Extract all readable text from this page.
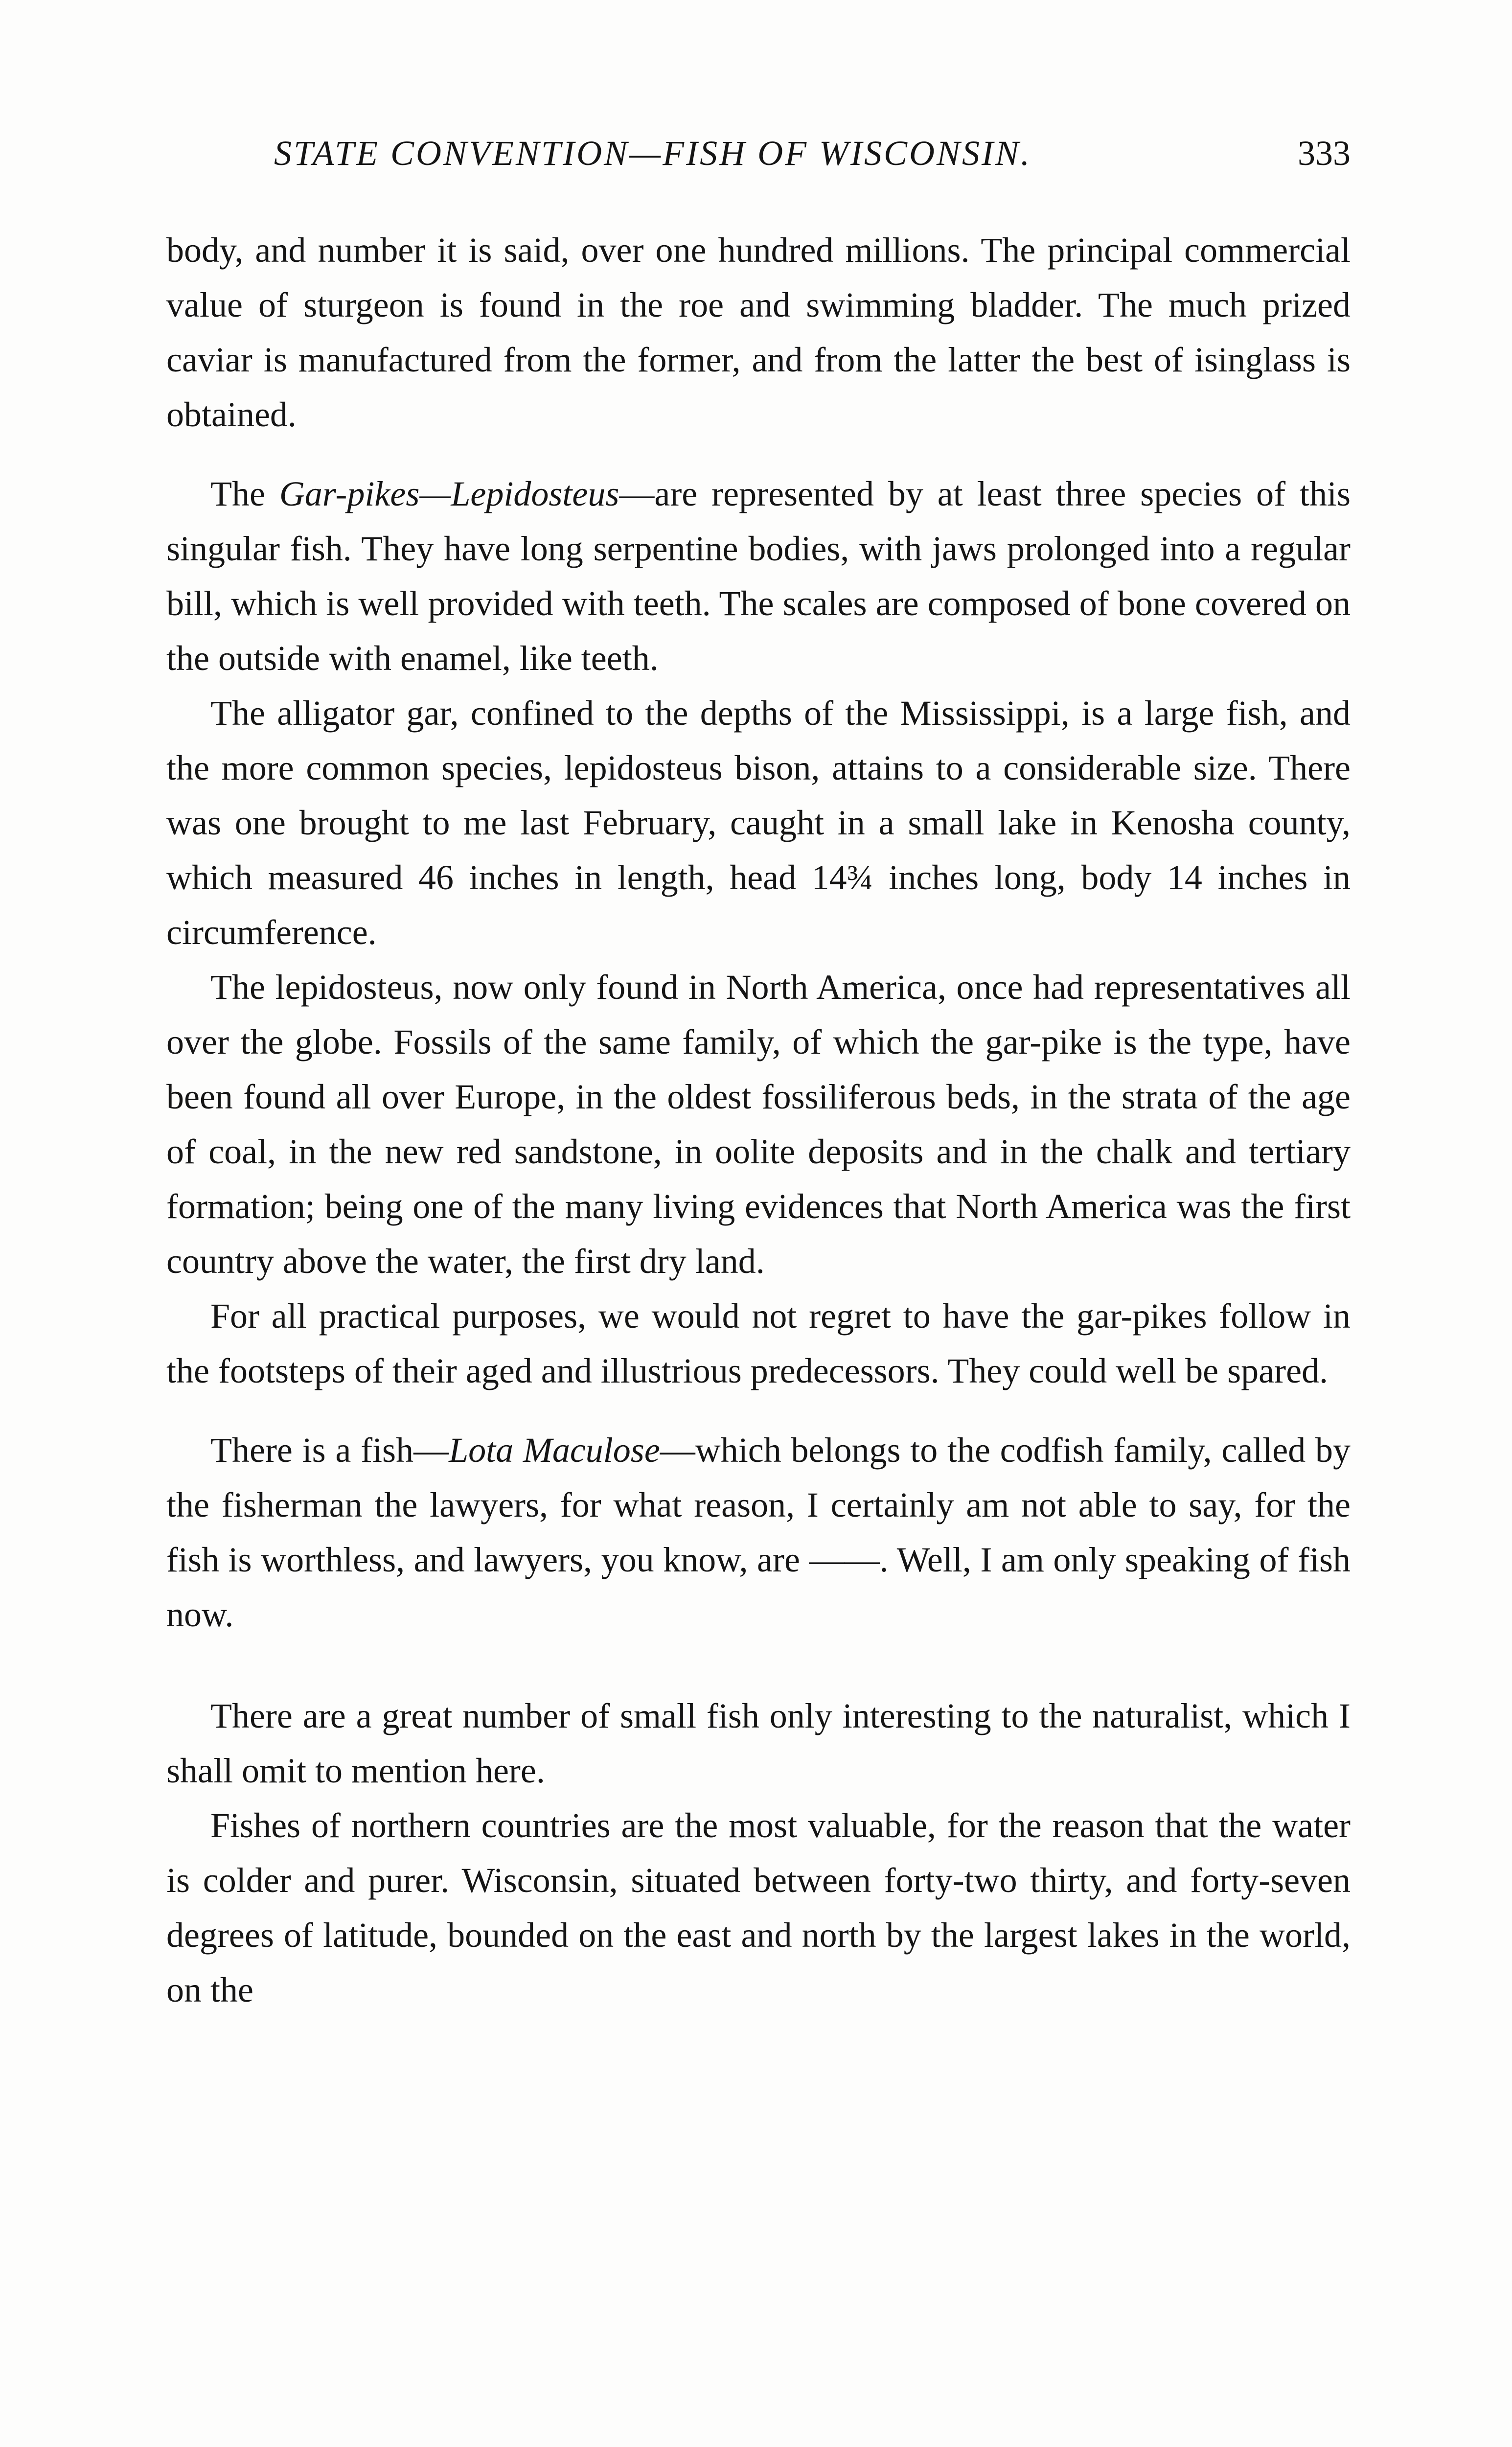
STATE CONVENTION—FISH OF WISCONSIN.	333

body, and number it is said, over one hundred millions. The principal commercial value of sturgeon is found in the roe and swimming bladder. The much prized caviar is manufactured from the former, and from the latter the best of isinglass is obtained.

The Gar-pikes—Lepidosteus—are represented by at least three species of this singular fish. They have long serpentine bodies, with jaws prolonged into a regular bill, which is well provided with teeth. The scales are composed of bone covered on the outside with enamel, like teeth.

The alligator gar, confined to the depths of the Mississippi, is a large fish, and the more common species, lepidosteus bison, attains to a considerable size. There was one brought to me last February, caught in a small lake in Kenosha county, which measured 46 inches in length, head 14¾ inches long, body 14 inches in circumference.

The lepidosteus, now only found in North America, once had representatives all over the globe. Fossils of the same family, of which the gar-pike is the type, have been found all over Europe, in the oldest fossiliferous beds, in the strata of the age of coal, in the new red sandstone, in oolite deposits and in the chalk and tertiary formation; being one of the many living evidences that North America was the first country above the water, the first dry land.

For all practical purposes, we would not regret to have the gar-pikes follow in the footsteps of their aged and illustrious predecessors. They could well be spared.

There is a fish—Lota Maculose—which belongs to the codfish family, called by the fisherman the lawyers, for what reason, I certainly am not able to say, for the fish is worthless, and lawyers, you know, are ——. Well, I am only speaking of fish now.

There are a great number of small fish only interesting to the naturalist, which I shall omit to mention here.

Fishes of northern countries are the most valuable, for the reason that the water is colder and purer. Wisconsin, situated between forty-two thirty, and forty-seven degrees of latitude, bounded on the east and north by the largest lakes in the world, on the
